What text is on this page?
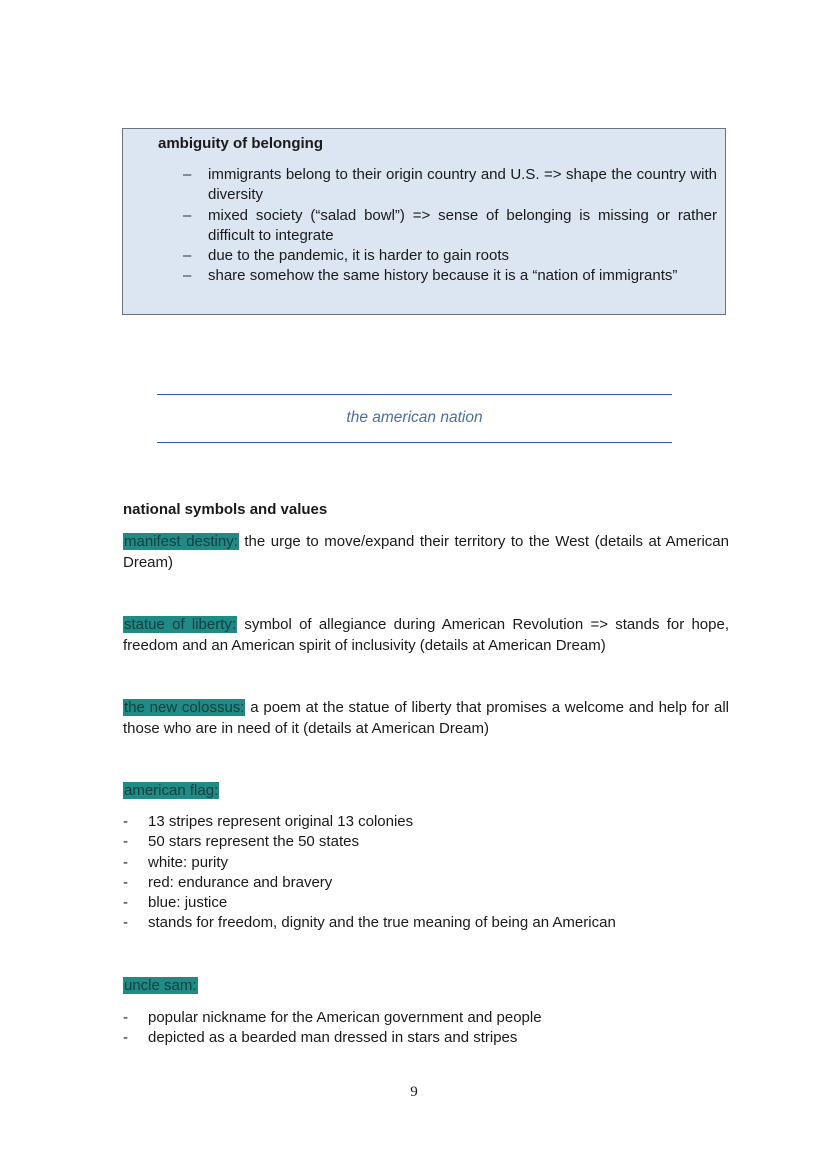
ambiguity of belonging
– immigrants belong to their origin country and U.S. => shape the country with diversity
– mixed society (“salad bowl”) => sense of belonging is missing or rather difficult to integrate
– due to the pandemic, it is harder to gain roots
– share somehow the same history because it is a “nation of immigrants”
the american nation
national symbols and values

manifest destiny: the urge to move/expand their territory to the West (details at American Dream)

statue of liberty: symbol of allegiance during American Revolution => stands for hope, freedom and an American spirit of inclusivity (details at American Dream)

the new colossus: a poem at the statue of liberty that promises a welcome and help for all those who are in need of it (details at American Dream)

american flag:
- 13 stripes represent original 13 colonies
- 50 stars represent the 50 states
- white: purity
- red: endurance and bravery
- blue: justice
- stands for freedom, dignity and the true meaning of being an American
uncle sam:
- popular nickname for the American government and people
- depicted as a bearded man dressed in stars and stripes
9
